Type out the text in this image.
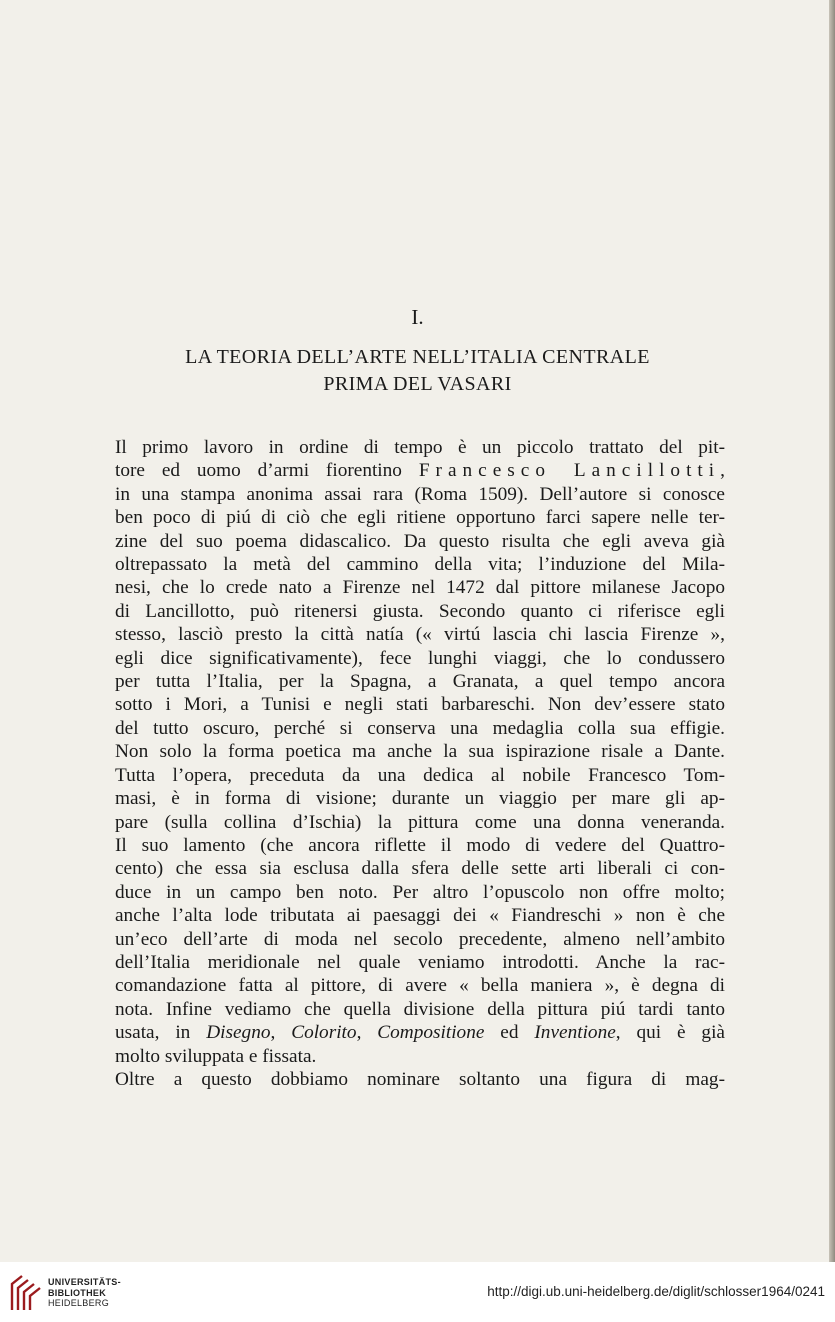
I.
LA TEORIA DELL’ARTE NELL’ITALIA CENTRALE
PRIMA DEL VASARI
Il primo lavoro in ordine di tempo è un piccolo trattato del pit-
tore ed uomo d’armi fiorentino Francesco Lancillotti,
in una stampa anonima assai rara (Roma 1509). Dell’autore si conosce
ben poco di piú di ciò che egli ritiene opportuno farci sapere nelle ter-
zine del suo poema didascalico. Da questo risulta che egli aveva già
oltrepassato la metà del cammino della vita; l’induzione del Mila-
nesi, che lo crede nato a Firenze nel 1472 dal pittore milanese Jacopo
di Lancillotto, può ritenersi giusta. Secondo quanto ci riferisce egli
stesso, lasciò presto la città natía (« virtú lascia chi lascia Firenze »,
egli dice significativamente), fece lunghi viaggi, che lo condussero
per tutta l’Italia, per la Spagna, a Granata, a quel tempo ancora
sotto i Mori, a Tunisi e negli stati barbareschi. Non dev’essere stato
del tutto oscuro, perché si conserva una medaglia colla sua effigie.
Non solo la forma poetica ma anche la sua ispirazione risale a Dante.
Tutta l’opera, preceduta da una dedica al nobile Francesco Tom-
masi, è in forma di visione; durante un viaggio per mare gli ap-
pare (sulla collina d’Ischia) la pittura come una donna veneranda.
Il suo lamento (che ancora riflette il modo di vedere del Quattro-
cento) che essa sia esclusa dalla sfera delle sette arti liberali ci con-
duce in un campo ben noto. Per altro l’opuscolo non offre molto;
anche l’alta lode tributata ai paesaggi dei « Fiandreschi » non è che
un’eco dell’arte di moda nel secolo precedente, almeno nell’ambito
dell’Italia meridionale nel quale veniamo introdotti. Anche la rac-
comandazione fatta al pittore, di avere « bella maniera », è degna di
nota. Infine vediamo che quella divisione della pittura piú tardi tanto
usata, in Disegno, Colorito, Compositione ed Inventione, qui è già
molto sviluppata e fissata.
Oltre a questo dobbiamo nominare soltanto una figura di mag-
UNIVERSITÄTS-
BIBLIOTHEK
HEIDELBERG
http://digi.ub.uni-heidelberg.de/diglit/schlosser1964/0241
